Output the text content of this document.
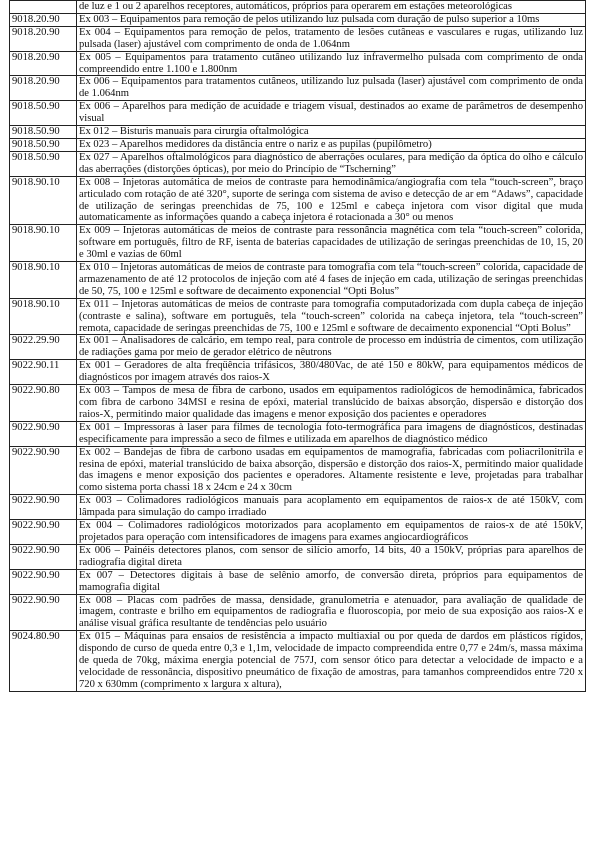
	de luz e 1 ou 2 aparelhos receptores, automáticos, próprios para operarem em estações meteorológicas
9018.20.90	Ex 003 – Equipamentos para remoção de pelos utilizando luz pulsada com duração de pulso superior a 10ms
9018.20.90	Ex 004 – Equipamentos para remoção de pelos, tratamento de lesões cutâneas e vasculares e rugas, utilizando luz pulsada (laser) ajustável com comprimento de onda de 1.064nm
9018.20.90	Ex 005 – Equipamentos para tratamento cutâneo utilizando luz infravermelho pulsada com comprimento de onda compreendido entre 1.100 e 1.800nm
9018.20.90	Ex 006 – Equipamentos para tratamentos cutâneos, utilizando luz pulsada (laser) ajustável com comprimento de onda de 1.064nm
9018.50.90	Ex 006 – Aparelhos para medição de acuidade e triagem visual, destinados ao exame de parâmetros de desempenho visual
9018.50.90	Ex 012 – Bisturis manuais para cirurgia oftalmológica
9018.50.90	Ex 023 – Aparelhos medidores da distância entre o nariz e as pupilas (pupilômetro)
9018.50.90	Ex 027 – Aparelhos oftalmológicos para diagnóstico de aberrações oculares, para medição da óptica do olho e cálculo das aberrações (distorções ópticas), por meio do Princípio de “Tscherning”
9018.90.10	Ex 008 – Injetoras automática de meios de contraste para hemodinâmica/angiografia com tela “touch-screen”, braço articulado com rotação de até 320°, suporte de seringa com sistema de aviso e detecção de ar em “Adaws”, capacidade de utilização de seringas preenchidas de 75, 100 e 125ml e cabeça injetora com visor digital que muda automaticamente as informações quando a cabeça injetora é rotacionada a 30° ou menos
9018.90.10	Ex 009 – Injetoras automáticas de meios de contraste para ressonância magnética com tela “touch-screen” colorida, software em português, filtro de RF, isenta de baterias capacidades de utilização de seringas preenchidas de 10, 15, 20 e 30ml e vazias de 60ml
9018.90.10	Ex 010 – Injetoras automáticas de meios de contraste para tomografia com tela “touch-screen” colorida, capacidade de armazenamento de até 12 protocolos de injeção com até 4 fases de injeção em cada, utilização de seringas preenchidas de 50, 75, 100 e 125ml e software de decaimento exponencial “Opti Bolus”
9018.90.10	Ex 011 – Injetoras automáticas de meios de contraste para tomografia computadorizada com dupla cabeça de injeção (contraste e salina), software em português, tela “touch-screen” colorida na cabeça injetora, tela “touch-screen” remota, capacidade de seringas preenchidas de 75, 100 e 125ml e software de decaimento exponencial “Opti Bolus”
9022.29.90	Ex 001 – Analisadores de calcário, em tempo real, para controle de processo em indústria de cimentos, com utilização de radiações gama por meio de gerador elétrico de nêutrons
9022.90.11	Ex 001 – Geradores de alta freqüência trifásicos, 380/480Vac, de até 150 e 80kW, para equipamentos médicos de diagnósticos por imagem através dos raios-X
9022.90.80	Ex 003 – Tampos de mesa de fibra de carbono, usados em equipamentos radiológicos de hemodinâmica, fabricados com fibra de carbono 34MSI e resina de epóxi, material translúcido de baixas absorção, dispersão e distorção dos raios-X, permitindo maior qualidade das imagens e menor exposição dos pacientes e operadores
9022.90.90	Ex 001 – Impressoras à laser para filmes de tecnologia foto-termográfica para imagens de diagnósticos, destinadas especificamente para impressão a seco de filmes e utilizada em aparelhos de diagnóstico médico
9022.90.90	Ex 002 – Bandejas de fibra de carbono usadas em equipamentos de mamografia, fabricadas com poliacrilonitrila e resina de epóxi, material translúcido de baixa absorção, dispersão e distorção dos raios-X, permitindo maior qualidade das imagens e menor exposição dos pacientes e operadores. Altamente resistente e leve, projetadas para trabalhar como sistema porta chassi 18 x 24cm e 24 x 30cm
9022.90.90	Ex 003 – Colimadores radiológicos manuais para acoplamento em equipamentos de raios-x de até 150kV, com lâmpada para simulação do campo irradiado
9022.90.90	Ex 004 – Colimadores radiológicos motorizados para acoplamento em equipamentos de raios-x de até 150kV, projetados para operação com intensificadores de imagens para exames angiocardiográficos
9022.90.90	Ex 006 – Painéis detectores planos, com sensor de silício amorfo, 14 bits, 40 a 150kV, próprias para aparelhos de radiografia digital direta
9022.90.90	Ex 007 – Detectores digitais à base de selênio amorfo, de conversão direta, próprios para equipamentos de mamografia digital
9022.90.90	Ex 008 – Placas com padrões de massa, densidade, granulometria e atenuador, para avaliação de qualidade de imagem, contraste e brilho em equipamentos de radiografia e fluoroscopia, por meio de sua exposição aos raios-X e análise visual gráfica resultante de tendências pelo usuário
9024.80.90	Ex 015 – Máquinas para ensaios de resistência a impacto multiaxial ou por queda de dardos em plásticos rígidos, dispondo de curso de queda entre 0,3 e 1,1m, velocidade de impacto compreendida entre 0,77 e 24m/s, massa máxima de queda de 70kg, máxima energia potencial de 757J, com sensor ótico para detectar a velocidade de impacto e a velocidade de ressonância, dispositivo pneumático de fixação de amostras, para tamanhos compreendidos entre 720 x 720 x 630mm (comprimento x largura x altura),
